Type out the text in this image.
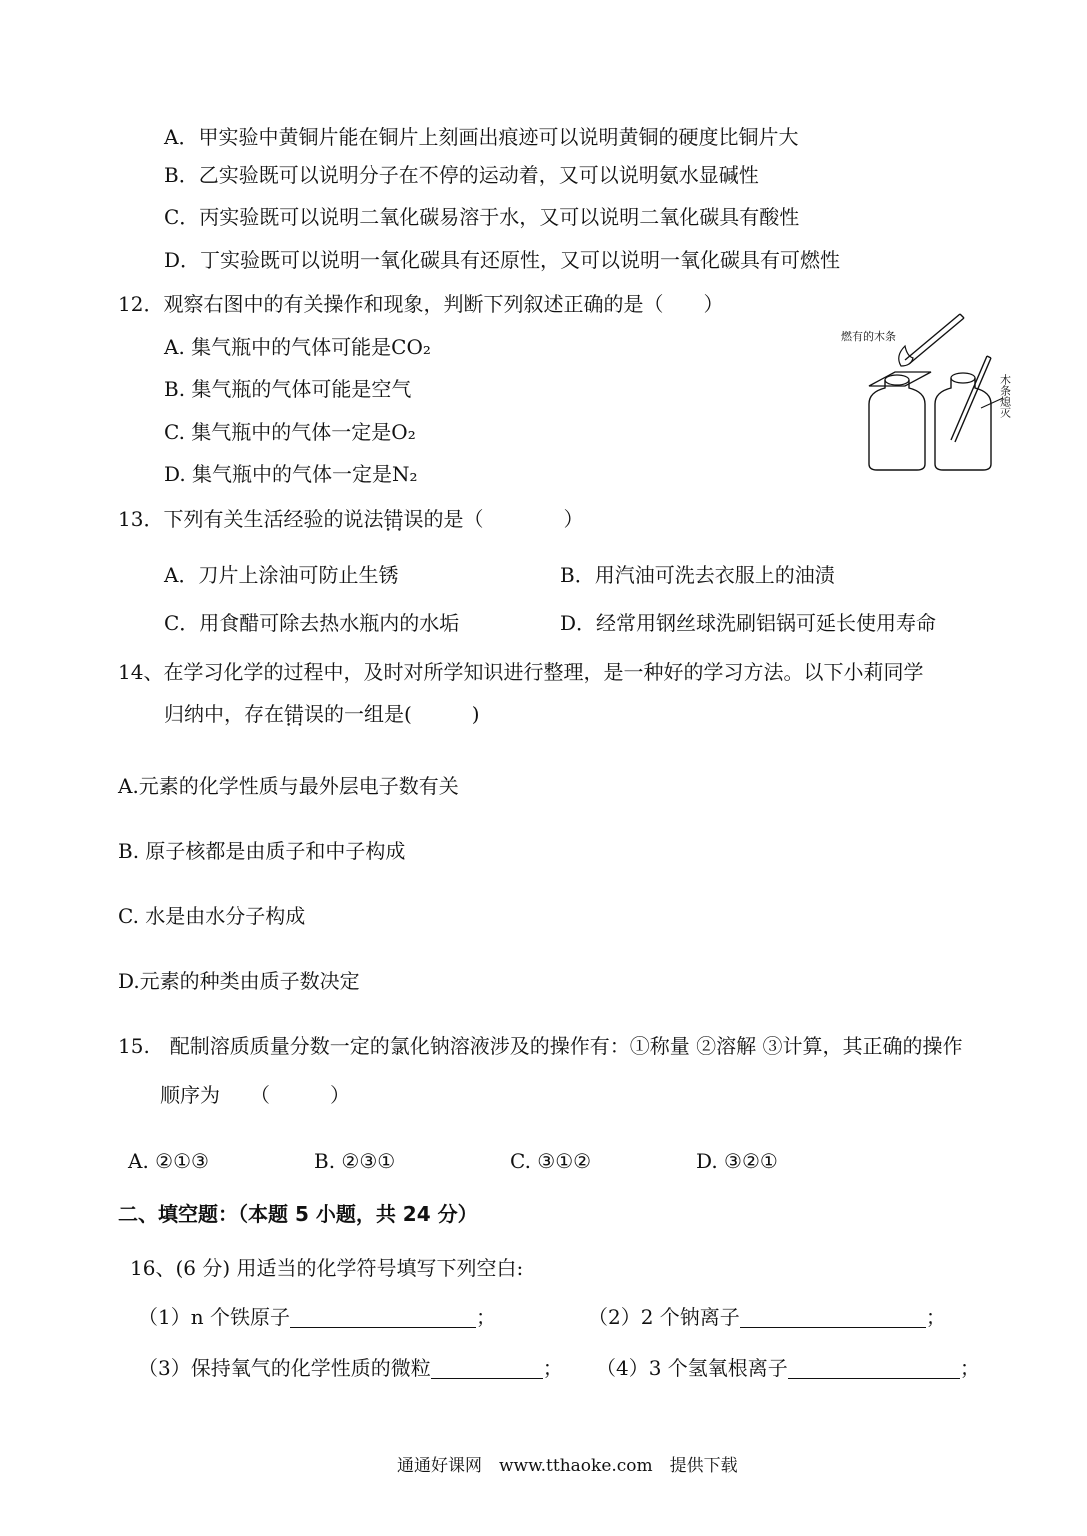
A．甲实验中黄铜片能在铜片上刻画出痕迹可以说明黄铜的硬度比铜片大
B．乙实验既可以说明分子在不停的运动着，又可以说明氨水显碱性
C．丙实验既可以说明二氧化碳易溶于水，又可以说明二氧化碳具有酸性
D．丁实验既可以说明一氧化碳具有还原性，又可以说明一氧化碳具有可燃性
12．观察右图中的有关操作和现象，判断下列叙述正确的是（　　）
A. 集气瓶中的气体可能是CO₂
B. 集气瓶的气体可能是空气
C. 集气瓶中的气体一定是O₂
D. 集气瓶中的气体一定是N₂
燃有的木条
木条熄灭
13．下列有关生活经验的说法错误 ••的是（　　　　）
A．刀片上涂油可防止生锈	B．用汽油可洗去衣服上的油渍
C．用食醋可除去热水瓶内的水垢	D．经常用钢丝球洗刷铝锅可延长使用寿命
14、在学习化学的过程中，及时对所学知识进行整理，是一种好的学习方法。以下小莉同学
归纳中，存在错误 ••的一组是(　　　)
A.元素的化学性质与最外层电子数有关
B. 原子核都是由质子和中子构成
C. 水是由水分子构成
D.元素的种类由质子数决定
15.　配制溶质质量分数一定的氯化钠溶液涉及的操作有：①称量 ②溶解 ③计算，其正确的操作
顺序为　　（　　　）
A. ②①③	B. ②③①	C. ③①②	D. ③②①
二、填空题：（本题 5 小题，共 24 分）
16、(6 分) 用适当的化学符号填写下列空白:
（1）n 个铁原子	；	（2）2 个钠离子	；
（3）保持氧气的化学性质的微粒	； （4）3 个氢氧根离子	；
通通好课网　www.tthaoke.com　提供下载
